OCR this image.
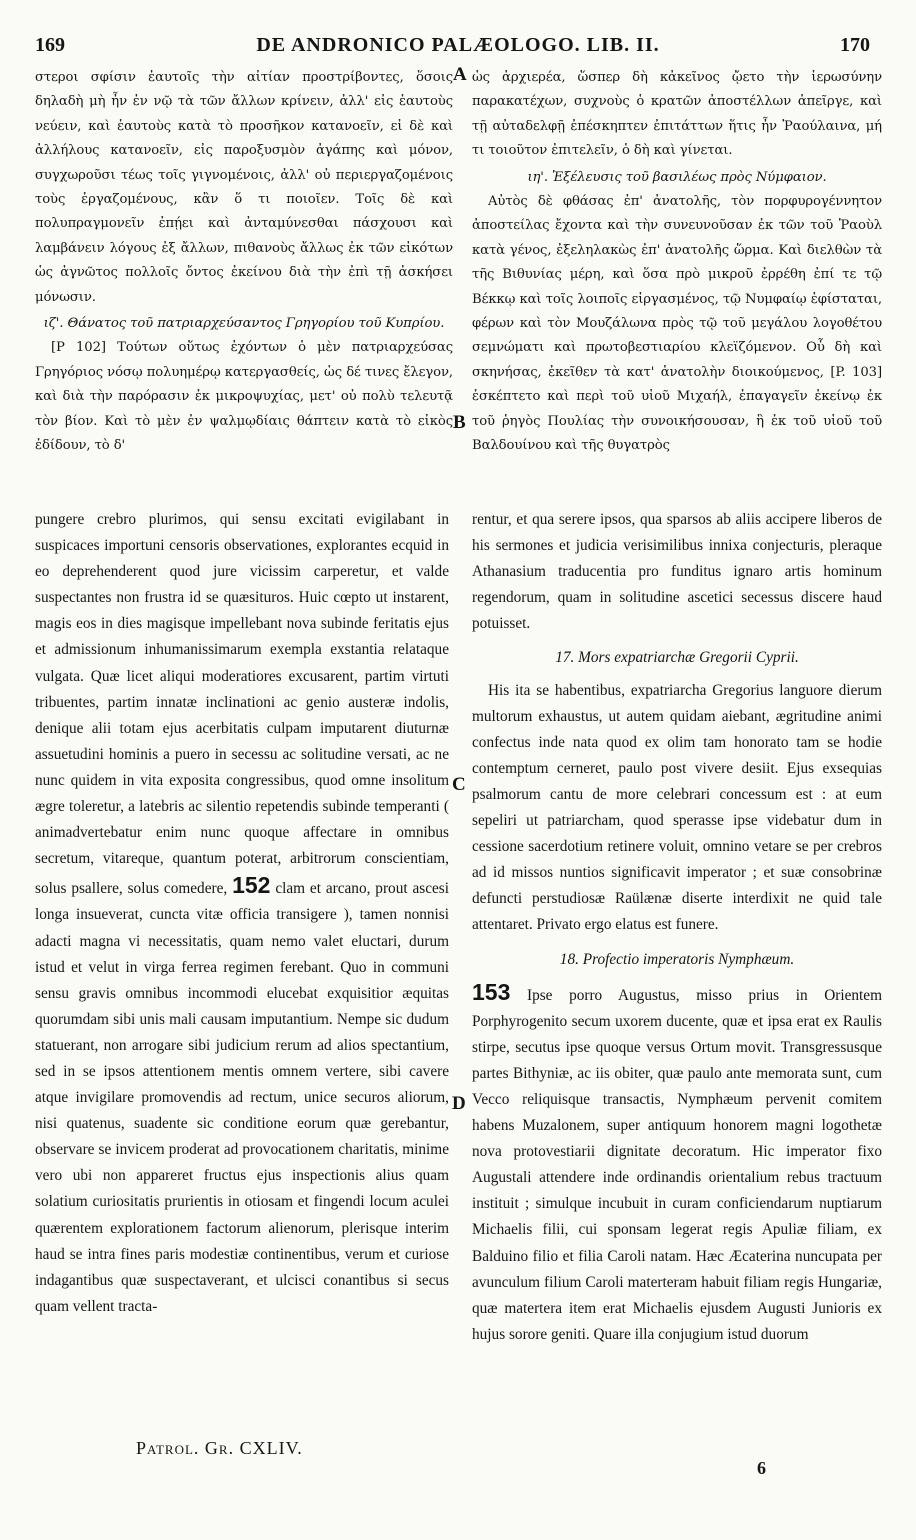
169	DE ANDRONICO PALÆOLOGO. LIB. II.	170

στεροι σφίσιν ἑαυτοῖς τὴν αἰτίαν προστρίβοντες, ὅσοις δηλαδὴ μὴ ἦν ἐν νῷ τὰ τῶν ἄλλων κρίνειν, ἀλλ' εἰς ἑαυτοὺς νεύειν, καὶ ἑαυτοὺς κατὰ τὸ προσῆκον κατανοεῖν, εἰ δὲ καὶ ἀλλήλους κατανοεῖν, εἰς παροξυσμὸν ἀγάπης καὶ μόνον, συγχωροῦσι τέως τοῖς γιγνομένοις, ἀλλ' οὐ περιεργαζομένοις τοὺς ἐργαζομένους, κἂν ὅ τι ποιοῖεν. Τοῖς δὲ καὶ πολυπραγμονεῖν ἐπῄει καὶ ἀνταμύνεσθαι πάσχουσι καὶ λαμβάνειν λόγους ἐξ ἄλλων, πιθανοὺς ἄλλως ἐκ τῶν εἰκότων ὡς ἀγνῶτος πολλοῖς ὄντος ἐκείνου διὰ τὴν ἐπὶ τῇ ἀσκήσει μόνωσιν.

ιζ'. Θάνατος τοῦ πατριαρχεύσαντος Γρηγορίου τοῦ Κυπρίου.

[P 102] Τούτων οὕτως ἐχόντων ὁ μὲν πατριαρχεύσας Γρηγόριος νόσῳ πολυημέρῳ κατεργασθείς, ὡς δέ τινες ἔλεγον, καὶ διὰ τὴν παρόρασιν ἐκ μικροψυχίας, μετ' οὐ πολὺ τελευτᾷ τὸν βίον. Καὶ τὸ μὲν ἐν ψαλμῳδίαις θάπτειν κατὰ τὸ εἰκὸς ἐδίδουν, τὸ δ'

ὡς ἀρχιερέα, ὥσπερ δὴ κἀκεῖνος ᾤετο τὴν ἱερωσύνην παρακατέχων, συχνοὺς ὁ κρατῶν ἀποστέλλων ἀπεῖργε, καὶ τῇ αὐταδελφῇ ἐπέσκηπτεν ἐπιτάττων ἥτις ἦν Ῥαούλαινα, μή τι τοιοῦτον ἐπιτελεῖν, ὁ δὴ καὶ γίνεται.

ιη'. Ἐξέλευσις τοῦ βασιλέως πρὸς Νύμφαιον.

Αὐτὸς δὲ φθάσας ἐπ' ἀνατολῆς, τὸν πορφυρογέννητον ἀποστείλας ἔχοντα καὶ τὴν συνευνοῦσαν ἐκ τῶν τοῦ Ῥαοὺλ κατὰ γένος, ἐξεληλακὼς ἐπ' ἀνατολῆς ὥρμα. Καὶ διελθὼν τὰ τῆς Βιθυνίας μέρη, καὶ ὅσα πρὸ μικροῦ ἐρρέθη ἐπί τε τῷ Βέκκῳ καὶ τοῖς λοιποῖς εἰργασμένος, τῷ Νυμφαίῳ ἐφίσταται, φέρων καὶ τὸν Μουζάλωνα πρὸς τῷ τοῦ μεγάλου λογοθέτου σεμνώματι καὶ πρωτοβεστιαρίου κλεϊζόμενον. Οὗ δὴ καὶ σκηνήσας, ἐκεῖθεν τὰ κατ' ἀνατολὴν διοικούμενος, [P. 103] ἐσκέπτετο καὶ περὶ τοῦ υἱοῦ Μιχαήλ, ἐπαγαγεῖν ἐκείνῳ ἐκ τοῦ ῥηγὸς Πουλίας τὴν συνοικήσουσαν, ἣ ἐκ τοῦ υἱοῦ τοῦ Βαλδουίνου καὶ τῆς θυγατρὸς

pungere crebro plurimos, qui sensu excitati evigilabant in suspicaces importuni censoris observationes, explorantes ecquid in eo deprehenderent quod jure vicissim carperetur, et valde suspectantes non frustra id se quæsituros. Huic cœpto ut instarent, magis eos in dies magisque impellebant nova subinde feritatis ejus et admissionum inhumanissimarum exempla exstantia relataque vulgata. Quæ licet aliqui moderatiores excusarent, partim virtuti tribuentes, partim innatæ inclinationi ac genio austeræ indolis, denique alii totam ejus acerbitatis culpam imputarent diuturnæ assuetudini hominis a puero in secessu ac solitudine versati, ac ne nunc quidem in vita exposita congressibus, quod omne insolitum ægre toleretur, a latebris ac silentio repetendis subinde temperanti ( animadvertebatur enim nunc quoque affectare in omnibus secretum, vitareque, quantum poterat, arbitrorum conscientiam, solus psallere, solus comedere, 152 clam et arcano, prout ascesi longa insueverat, cuncta vitæ officia transigere ), tamen nonnisi adacti magna vi necessitatis, quam nemo valet eluctari, durum istud et velut in virga ferrea regimen ferebant. Quo in communi sensu gravis omnibus incommodi elucebat exquisitior æquitas quorumdam sibi unis mali causam imputantium. Nempe sic dudum statuerant, non arrogare sibi judicium rerum ad alios spectantium, sed in se ipsos attentionem mentis omnem vertere, sibi cavere atque invigilare promovendis ad rectum, unice securos aliorum, nisi quatenus, suadente sic conditione eorum quæ gerebantur, observare se invicem proderat ad provocationem charitatis, minime vero ubi non appareret fructus ejus inspectionis alius quam solatium curiositatis prurientis in otiosam et fingendi locum aculei quærentem explorationem factorum alienorum, plerisque interim haud se intra fines paris modestiæ continentibus, verum et curiose indagantibus quæ suspectaverant, et ulcisci conantibus si secus quam vellent tracta-

rentur, et qua serere ipsos, qua sparsos ab aliis accipere liberos de his sermones et judicia verisimilibus innixa conjecturis, pleraque Athanasium traducentia pro funditus ignaro artis hominum regendorum, quam in solitudine ascetici secessus discere haud potuisset.

17. Mors expatriarchæ Gregorii Cyprii.

His ita se habentibus, expatriarcha Gregorius languore dierum multorum exhaustus, ut autem quidam aiebant, ægritudine animi confectus inde nata quod ex olim tam honorato tam se hodie contemptum cerneret, paulo post vivere desiit. Ejus exsequias psalmorum cantu de more celebrari concessum est : at eum sepeliri ut patriarcham, quod sperasse ipse videbatur dum in cessione sacerdotium retinere voluit, omnino vetare se per crebros ad id missos nuntios significavit imperator ; et suæ consobrinæ defuncti perstudiosæ Raülænæ diserte interdixit ne quid tale attentaret. Privato ergo elatus est funere.

18. Profectio imperatoris Nymphæum.

153 Ipse porro Augustus, misso prius in Orientem Porphyrogenito secum uxorem ducente, quæ et ipsa erat ex Raulis stirpe, secutus ipse quoque versus Ortum movit. Transgressusque partes Bithyniæ, ac iis obiter, quæ paulo ante memorata sunt, cum Vecco reliquisque transactis, Nymphæum pervenit comitem habens Muzalonem, super antiquum honorem magni logothetæ nova protovestiarii dignitate decoratum. Hic imperator fixo Augustali attendere inde ordinandis orientalium rebus tractuum instituit ; simulque incubuit in curam conficiendarum nuptiarum Michaelis filii, cui sponsam legerat regis Apuliæ filiam, ex Balduino filio et filia Caroli natam. Hæc Æcaterina nuncupata per avunculum filium Caroli materteram habuit filiam regis Hungariæ, quæ matertera item erat Michaelis ejusdem Augusti Junioris ex hujus sorore geniti. Quare illa conjugium istud duorum

A
B
C
D
Patrol. Gr. CXLIV.
6
